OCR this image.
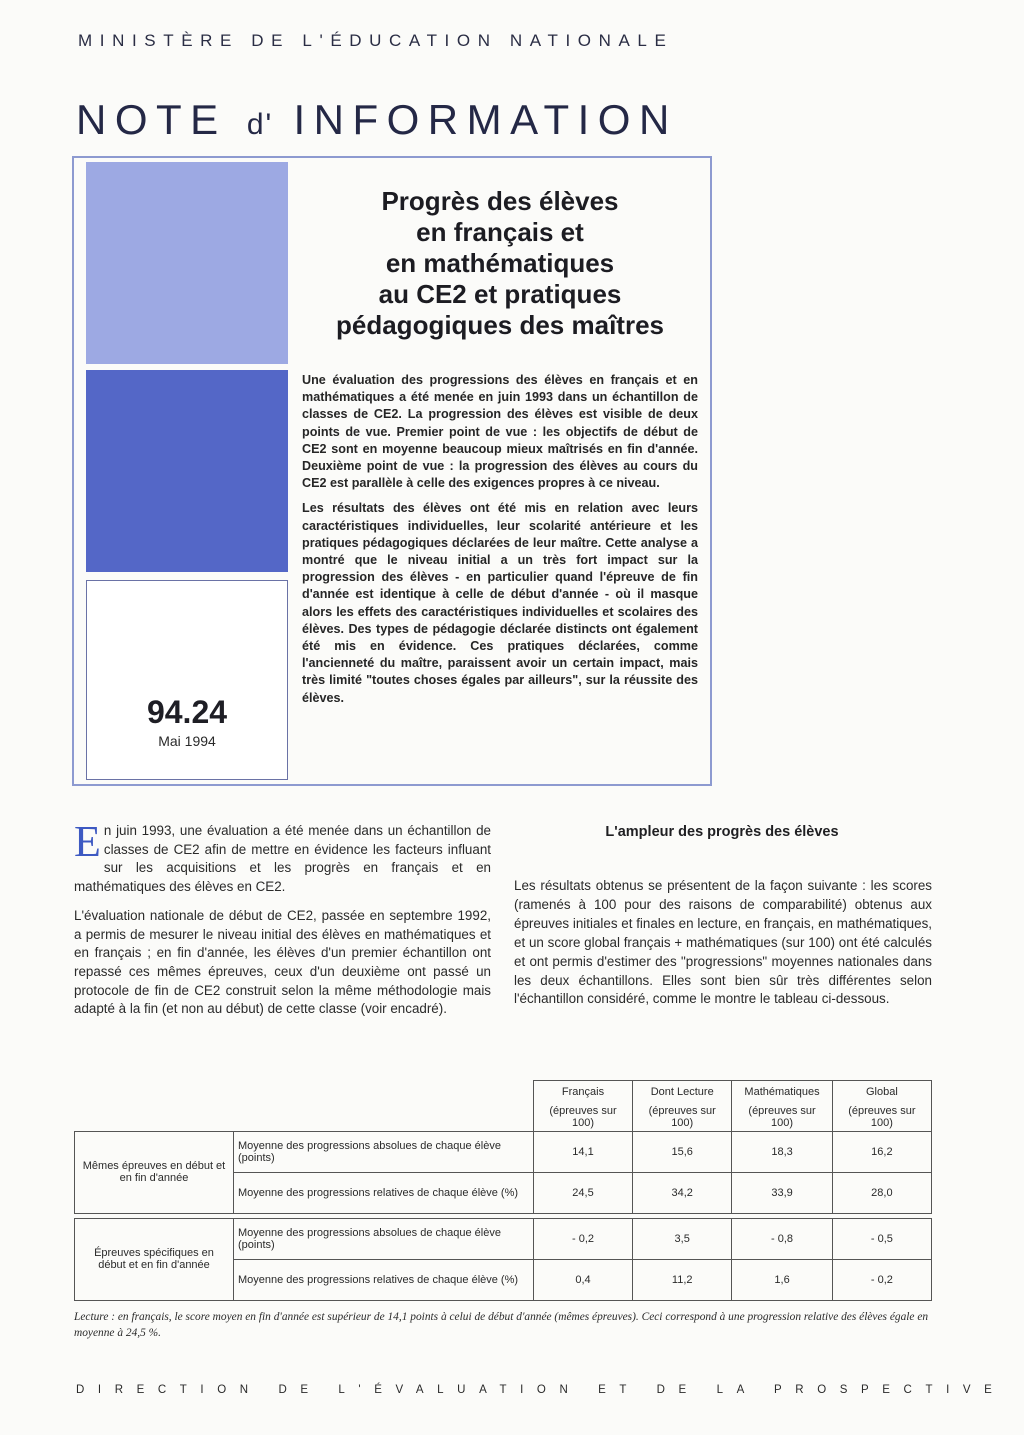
MINISTÈRE DE L'ÉDUCATION NATIONALE
NOTE d' INFORMATION
94.24
Mai 1994
Progrès des élèves
en français et
en mathématiques
au CE2 et pratiques
pédagogiques des maîtres

Une évaluation des progressions des élèves en français et en mathématiques a été menée en juin 1993 dans un échantillon de classes de CE2. La progression des élèves est visible de deux points de vue. Premier point de vue : les objectifs de début de CE2 sont en moyenne beaucoup mieux maîtrisés en fin d'année. Deuxième point de vue : la progression des élèves au cours du CE2 est parallèle à celle des exigences propres à ce niveau.

Les résultats des élèves ont été mis en relation avec leurs caractéristiques individuelles, leur scolarité antérieure et les pratiques pédagogiques déclarées de leur maître. Cette analyse a montré que le niveau initial a un très fort impact sur la progression des élèves - en particulier quand l'épreuve de fin d'année est identique à celle de début d'année - où il masque alors les effets des caractéristiques individuelles et scolaires des élèves. Des types de pédagogie déclarée distincts ont également été mis en évidence. Ces pratiques déclarées, comme l'ancienneté du maître, paraissent avoir un certain impact, mais très limité "toutes choses égales par ailleurs", sur la réussite des élèves.

En juin 1993, une évaluation a été menée dans un échantillon de classes de CE2 afin de mettre en évidence les facteurs influant sur les acquisitions et les progrès en français et en mathématiques des élèves en CE2.

L'évaluation nationale de début de CE2, passée en septembre 1992, a permis de mesurer le niveau initial des élèves en mathématiques et en français ; en fin d'année, les élèves d'un premier échantillon ont repassé ces mêmes épreuves, ceux d'un deuxième ont passé un protocole de fin de CE2 construit selon la même méthodologie mais adapté à la fin (et non au début) de cette classe (voir encadré).

L'ampleur des progrès des élèves
Les résultats obtenus se présentent de la façon suivante : les scores (ramenés à 100 pour des raisons de comparabilité) obtenus aux épreuves initiales et finales en lecture, en français, en mathématiques, et un score global français + mathématiques (sur 100) ont été calculés et ont permis d'estimer des "progressions" moyennes nationales dans les deux échantillons. Elles sont bien sûr très différentes selon l'échantillon considéré, comme le montre le tableau ci-dessous.
		Français	Dont Lecture	Mathématiques	Global
		(épreuves sur 100)	(épreuves sur 100)	(épreuves sur 100)	(épreuves sur 100)
Mêmes épreuves en début et en fin d'année	Moyenne des progressions absolues de chaque élève (points)	14,1	15,6	18,3	16,2
	Moyenne des progressions relatives de chaque élève (%)	24,5	34,2	33,9	28,0

Épreuves spécifiques en début et en fin d'année	Moyenne des progressions absolues de chaque élève (points)	- 0,2	3,5	- 0,8	- 0,5
	Moyenne des progressions relatives de chaque élève (%)	0,4	11,2	1,6	- 0,2
Lecture : en français, le score moyen en fin d'année est supérieur de 14,1 points à celui de début d'année (mêmes épreuves). Ceci correspond à une progression relative des élèves égale en moyenne à 24,5 %.
DIRECTION DE L'ÉVALUATION ET DE LA PROSPECTIVE
